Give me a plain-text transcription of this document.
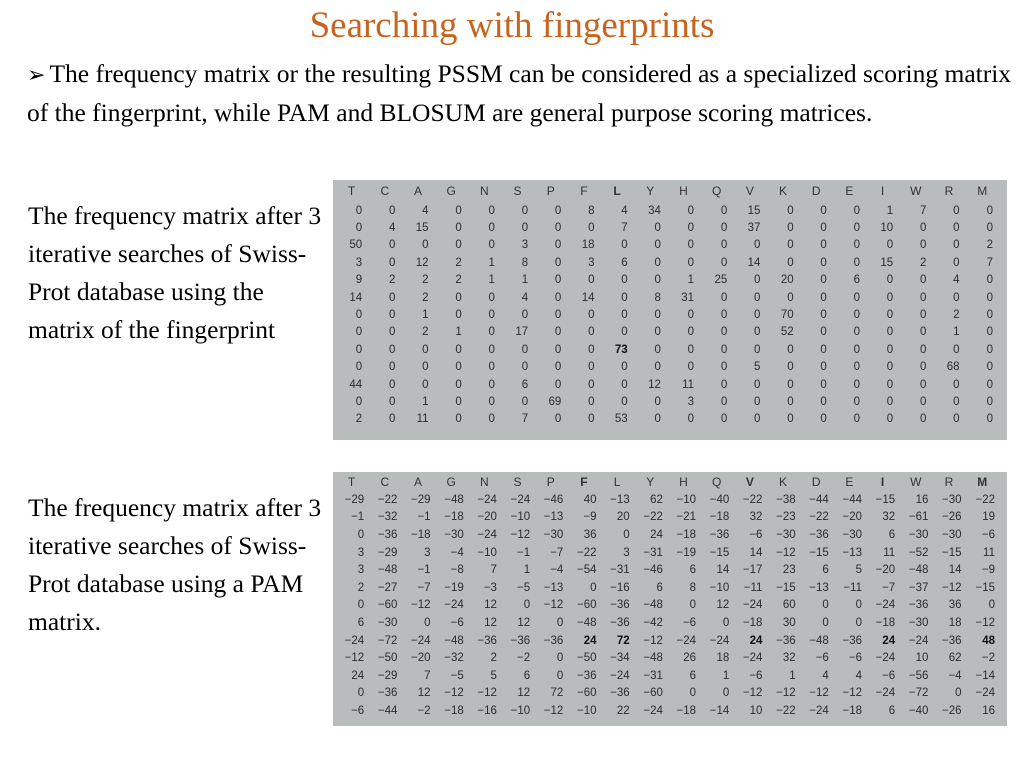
Searching with fingerprints
➢ The frequency matrix or the resulting PSSM can be considered as a specialized scoring matrix of the fingerprint, while PAM and BLOSUM are general purpose scoring matrices.
The frequency matrix after 3 iterative searches of Swiss-Prot database using the matrix of the fingerprint
The frequency matrix after 3 iterative searches of Swiss-Prot database using a PAM matrix.
T	C	A	G	N	S	P	F	L	Y	H	Q	V	K	D	E	I	W	R	M
0	0	4	0	0	0	0	8	4	34	0	0	15	0	0	0	1	7	0	0
0	4	15	0	0	0	0	0	7	0	0	0	37	0	0	0	10	0	0	0
50	0	0	0	0	3	0	18	0	0	0	0	0	0	0	0	0	0	0	2
3	0	12	2	1	8	0	3	6	0	0	0	14	0	0	0	15	2	0	7
9	2	2	2	1	1	0	0	0	0	1	25	0	20	0	6	0	0	4	0
14	0	2	0	0	4	0	14	0	8	31	0	0	0	0	0	0	0	0	0
0	0	1	0	0	0	0	0	0	0	0	0	0	70	0	0	0	0	2	0
0	0	2	1	0	17	0	0	0	0	0	0	0	52	0	0	0	0	1	0
0	0	0	0	0	0	0	0	73	0	0	0	0	0	0	0	0	0	0	0
0	0	0	0	0	0	0	0	0	0	0	0	5	0	0	0	0	0	68	0
44	0	0	0	0	6	0	0	0	12	11	0	0	0	0	0	0	0	0	0
0	0	1	0	0	0	69	0	0	0	3	0	0	0	0	0	0	0	0	0
2	0	11	0	0	7	0	0	53	0	0	0	0	0	0	0	0	0	0	0
T	C	A	G	N	S	P	F	L	Y	H	Q	V	K	D	E	I	W	R	M
−29	−22	−29	−48	−24	−24	−46	40	−13	62	−10	−40	−22	−38	−44	−44	−15	16	−30	−22
−1	−32	−1	−18	−20	−10	−13	−9	20	−22	−21	−18	32	−23	−22	−20	32	−61	−26	19
0	−36	−18	−30	−24	−12	−30	36	0	24	−18	−36	−6	−30	−36	−30	6	−30	−30	−6
3	−29	3	−4	−10	−1	−7	−22	3	−31	−19	−15	14	−12	−15	−13	11	−52	−15	11
3	−48	−1	−8	7	1	−4	−54	−31	−46	6	14	−17	23	6	5	−20	−48	14	−9
2	−27	−7	−19	−3	−5	−13	0	−16	6	8	−10	−11	−15	−13	−11	−7	−37	−12	−15
0	−60	−12	−24	12	0	−12	−60	−36	−48	0	12	−24	60	0	0	−24	−36	36	0
6	−30	0	−6	12	12	0	−48	−36	−42	−6	0	−18	30	0	0	−18	−30	18	−12
−24	−72	−24	−48	−36	−36	−36	24	72	−12	−24	−24	24	−36	−48	−36	24	−24	−36	48
−12	−50	−20	−32	2	−2	0	−50	−34	−48	26	18	−24	32	−6	−6	−24	10	62	−2
24	−29	7	−5	5	6	0	−36	−24	−31	6	1	−6	1	4	4	−6	−56	−4	−14
0	−36	12	−12	−12	12	72	−60	−36	−60	0	0	−12	−12	−12	−12	−24	−72	0	−24
−6	−44	−2	−18	−16	−10	−12	−10	22	−24	−18	−14	10	−22	−24	−18	6	−40	−26	16
